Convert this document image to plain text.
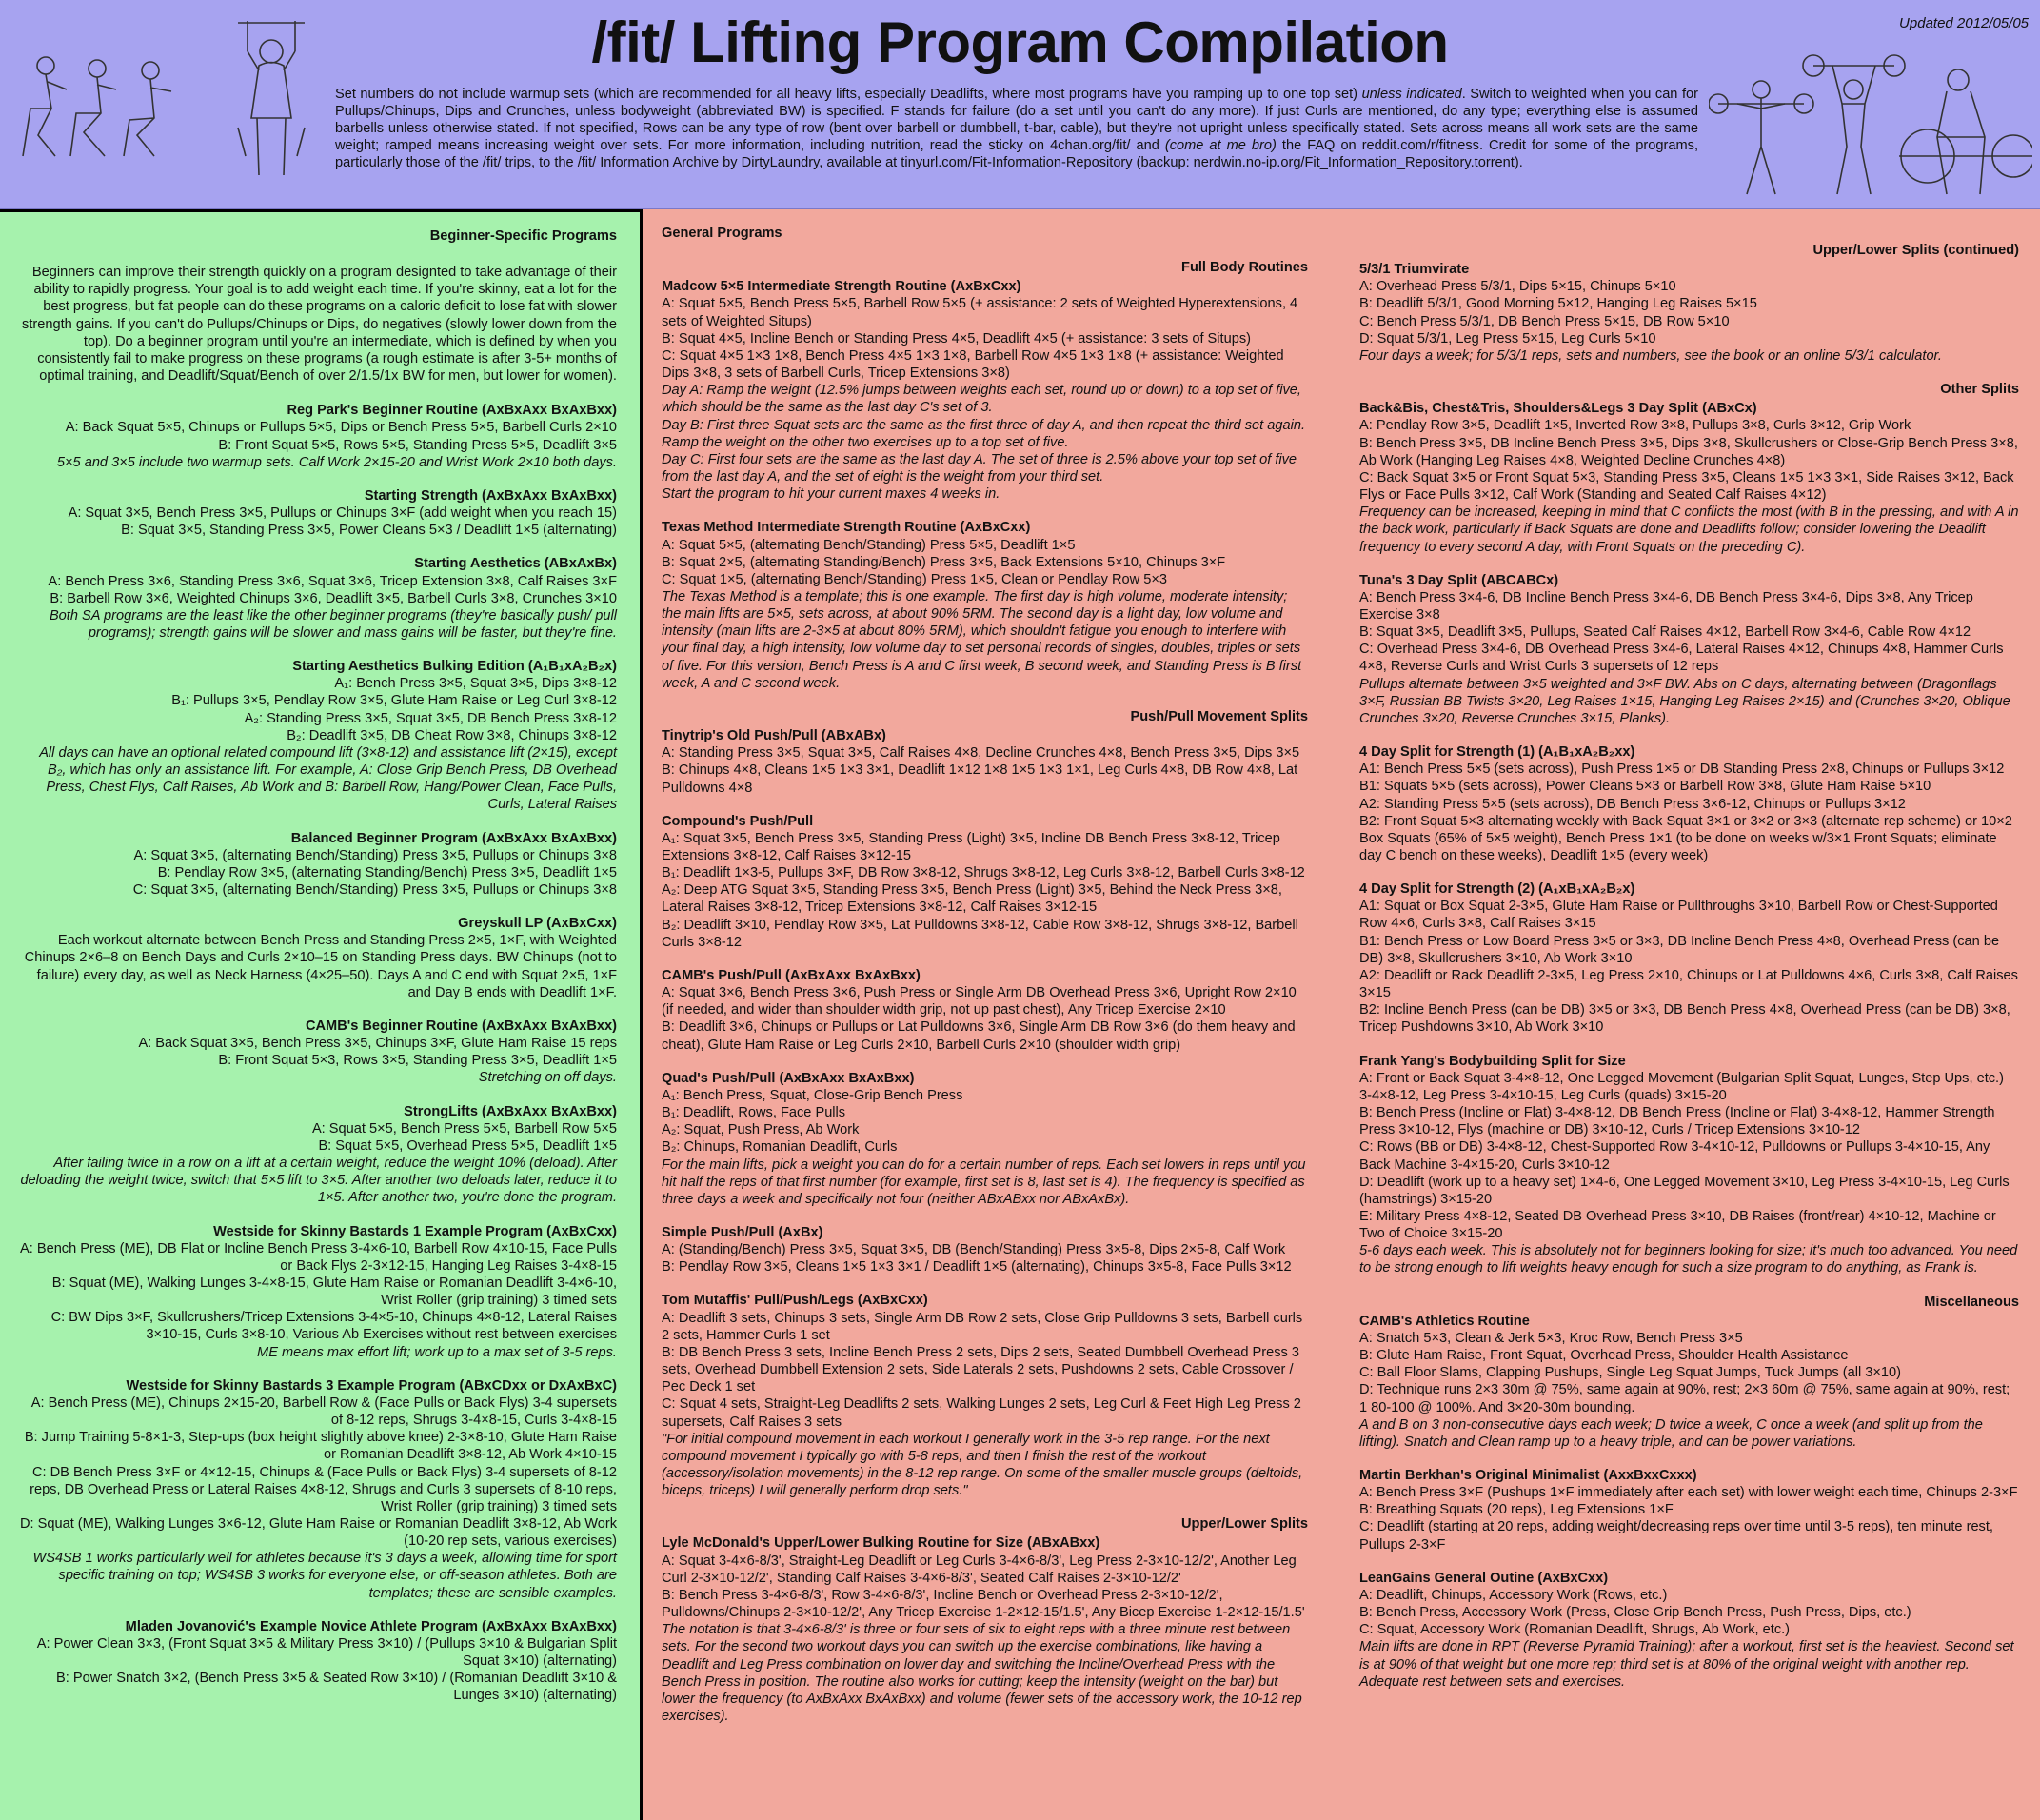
/fit/ Lifting Program Compilation	Updated 2012/05/05
Set numbers do not include warmup sets (which are recommended for all heavy lifts, especially Deadlifts, where most programs have you ramping up to one top set) unless indicated. Switch to weighted when you can for Pullups/Chinups, Dips and Crunches, unless bodyweight (abbreviated BW) is specified. F stands for failure (do a set until you can't do any more). If just Curls are mentioned, do any type; everything else is assumed barbells unless otherwise stated. If not specified, Rows can be any type of row (bent over barbell or dumbbell, t-bar, cable), but they're not upright unless specifically stated. Sets across means all work sets are the same weight; ramped means increasing weight over sets. For more information, including nutrition, read the sticky on 4chan.org/fit/ and (come at me bro) the FAQ on reddit.com/r/fitness. Credit for some of the programs, particularly those of the /fit/ trips, to the /fit/ Information Archive by DirtyLaundry, available at tinyurl.com/Fit-Information-Repository (backup: nerdwin.no-ip.org/Fit_Information_Repository.torrent).
Beginner-Specific Programs
Beginners can improve their strength quickly on a program designted to take advantage of their ability to rapidly progress. Your goal is to add weight each time. If you're skinny, eat a lot for the best progress, but fat people can do these programs on a caloric deficit to lose fat with slower strength gains. If you can't do Pullups/Chinups or Dips, do negatives (slowly lower down from the top). Do a beginner program until you're an intermediate, which is defined by when you consistently fail to make progress on these programs (a rough estimate is after 3-5+ months of optimal training, and Deadlift/Squat/Bench of over 2/1.5/1x BW for men, but lower for women).
Reg Park's Beginner Routine (AxBxAxx BxAxBxx)
A: Back Squat 5×5, Chinups or Pullups 5×5, Dips or Bench Press 5×5, Barbell Curls 2×10
B: Front Squat 5×5, Rows 5×5, Standing Press 5×5, Deadlift 3×5
5×5 and 3×5 include two warmup sets. Calf Work 2×15-20 and Wrist Work 2×10 both days.
Starting Strength (AxBxAxx BxAxBxx)
A: Squat 3×5, Bench Press 3×5, Pullups or Chinups 3×F (add weight when you reach 15)
B: Squat 3×5, Standing Press 3×5, Power Cleans 5×3 / Deadlift 1×5 (alternating)
Starting Aesthetics (ABxAxBx)
A: Bench Press 3×6, Standing Press 3×6, Squat 3×6, Tricep Extension 3×8, Calf Raises 3×F
B: Barbell Row 3×6, Weighted Chinups 3×6, Deadlift 3×5, Barbell Curls 3×8, Crunches 3×10
Both SA programs are the least like the other beginner programs (they're basically push/ pull programs); strength gains will be slower and mass gains will be faster, but they're fine.
Starting Aesthetics Bulking Edition (A₁B₁xA₂B₂x)
A₁: Bench Press 3×5, Squat 3×5, Dips 3×8-12
B₁: Pullups 3×5, Pendlay Row 3×5, Glute Ham Raise or Leg Curl 3×8-12
A₂: Standing Press 3×5, Squat 3×5, DB Bench Press 3×8-12
B₂: Deadlift 3×5, DB Cheat Row 3×8, Chinups 3×8-12
All days can have an optional related compound lift (3×8-12) and assistance lift (2×15), except B₂, which has only an assistance lift. For example, A: Close Grip Bench Press, DB Overhead Press, Chest Flys, Calf Raises, Ab Work and B: Barbell Row, Hang/Power Clean, Face Pulls, Curls, Lateral Raises
Balanced Beginner Program (AxBxAxx BxAxBxx)
A: Squat 3×5, (alternating Bench/Standing) Press 3×5, Pullups or Chinups 3×8
B: Pendlay Row 3×5, (alternating Standing/Bench) Press 3×5, Deadlift 1×5
C: Squat 3×5, (alternating Bench/Standing) Press 3×5, Pullups or Chinups 3×8
Greyskull LP (AxBxCxx)
Each workout alternate between Bench Press and Standing Press 2×5, 1×F, with Weighted Chinups 2×6–8 on Bench Days and Curls 2×10–15 on Standing Press days. BW Chinups (not to failure) every day, as well as Neck Harness (4×25–50). Days A and C end with Squat 2×5, 1×F and Day B ends with Deadlift 1×F.
CAMB's Beginner Routine (AxBxAxx BxAxBxx)
A: Back Squat 3×5, Bench Press 3×5, Chinups 3×F, Glute Ham Raise 15 reps
B: Front Squat 5×3, Rows 3×5, Standing Press 3×5, Deadlift 1×5
Stretching on off days.
StrongLifts (AxBxAxx BxAxBxx)
A: Squat 5×5, Bench Press 5×5, Barbell Row 5×5
B: Squat 5×5, Overhead Press 5×5, Deadlift 1×5
After failing twice in a row on a lift at a certain weight, reduce the weight 10% (deload). After deloading the weight twice, switch that 5×5 lift to 3×5. After another two deloads later, reduce it to 1×5. After another two, you're done the program.
Westside for Skinny Bastards 1 Example Program (AxBxCxx)
A: Bench Press (ME), DB Flat or Incline Bench Press 3-4×6-10, Barbell Row 4×10-15, Face Pulls or Back Flys 2-3×12-15, Hanging Leg Raises 3-4×8-15
B: Squat (ME), Walking Lunges 3-4×8-15, Glute Ham Raise or Romanian Deadlift 3-4×6-10, Wrist Roller (grip training) 3 timed sets
C: BW Dips 3×F, Skullcrushers/Tricep Extensions 3-4×5-10, Chinups 4×8-12, Lateral Raises 3×10-15, Curls 3×8-10, Various Ab Exercises without rest between exercises
ME means max effort lift; work up to a max set of 3-5 reps.
Westside for Skinny Bastards 3 Example Program (ABxCDxx or DxAxBxC)
A: Bench Press (ME), Chinups 2×15-20, Barbell Row & (Face Pulls or Back Flys) 3-4 supersets of 8-12 reps, Shrugs 3-4×8-15, Curls 3-4×8-15
B: Jump Training 5-8×1-3, Step-ups (box height slightly above knee) 2-3×8-10, Glute Ham Raise or Romanian Deadlift 3×8-12, Ab Work 4×10-15
C: DB Bench Press 3×F or 4×12-15, Chinups & (Face Pulls or Back Flys) 3-4 supersets of 8-12 reps, DB Overhead Press or Lateral Raises 4×8-12, Shrugs and Curls 3 supersets of 8-10 reps, Wrist Roller (grip training) 3 timed sets
D: Squat (ME), Walking Lunges 3×6-12, Glute Ham Raise or Romanian Deadlift 3×8-12, Ab Work (10-20 rep sets, various exercises)
WS4SB 1 works particularly well for athletes because it's 3 days a week, allowing time for sport specific training on top; WS4SB 3 works for everyone else, or off-season athletes. Both are templates; these are sensible examples.
Mladen Jovanović's Example Novice Athlete Program (AxBxAxx BxAxBxx)
A: Power Clean 3×3, (Front Squat 3×5 & Military Press 3×10) / (Pullups 3×10 & Bulgarian Split Squat 3×10) (alternating)
B: Power Snatch 3×2, (Bench Press 3×5 & Seated Row 3×10) / (Romanian Deadlift 3×10 & Lunges 3×10) (alternating)
General Programs
Full Body Routines
Madcow 5×5 Intermediate Strength Routine (AxBxCxx)
A: Squat 5×5, Bench Press 5×5, Barbell Row 5×5 (+ assistance: 2 sets of Weighted Hyperextensions, 4 sets of Weighted Situps)
B: Squat 4×5, Incline Bench or Standing Press 4×5, Deadlift 4×5 (+ assistance: 3 sets of Situps)
C: Squat 4×5 1×3 1×8, Bench Press 4×5 1×3 1×8, Barbell Row 4×5 1×3 1×8 (+ assistance: Weighted Dips 3×8, 3 sets of Barbell Curls, Tricep Extensions 3×8)
Day A: Ramp the weight (12.5% jumps between weights each set, round up or down) to a top set of five, which should be the same as the last day C's set of 3.
Day B: First three Squat sets are the same as the first three of day A, and then repeat the third set again. Ramp the weight on the other two exercises up to a top set of five.
Day C: First four sets are the same as the last day A. The set of three is 2.5% above your top set of five from the last day A, and the set of eight is the weight from your third set.
Start the program to hit your current maxes 4 weeks in.
Texas Method Intermediate Strength Routine (AxBxCxx)
A: Squat 5×5, (alternating Bench/Standing) Press 5×5, Deadlift 1×5
B: Squat 2×5, (alternating Standing/Bench) Press 3×5, Back Extensions 5×10, Chinups 3×F
C: Squat 1×5, (alternating Bench/Standing) Press 1×5, Clean or Pendlay Row 5×3
The Texas Method is a template; this is one example. The first day is high volume, moderate intensity; the main lifts are 5×5, sets across, at about 90% 5RM. The second day is a light day, low volume and intensity (main lifts are 2-3×5 at about 80% 5RM), which shouldn't fatigue you enough to interfere with your final day, a high intensity, low volume day to set personal records of singles, doubles, triples or sets of five. For this version, Bench Press is A and C first week, B second week, and Standing Press is B first week, A and C second week.
Push/Pull Movement Splits
Tinytrip's Old Push/Pull (ABxABx)
A: Standing Press 3×5, Squat 3×5, Calf Raises 4×8, Decline Crunches 4×8, Bench Press 3×5, Dips 3×5
B: Chinups 4×8, Cleans 1×5 1×3 3×1, Deadlift 1×12 1×8 1×5 1×3 1×1, Leg Curls 4×8, DB Row 4×8, Lat Pulldowns 4×8
Compound's Push/Pull
A₁: Squat 3×5, Bench Press 3×5, Standing Press (Light) 3×5, Incline DB Bench Press 3×8-12, Tricep Extensions 3×8-12, Calf Raises 3×12-15
B₁: Deadlift 1×3-5, Pullups 3×F, DB Row 3×8-12, Shrugs 3×8-12, Leg Curls 3×8-12, Barbell Curls 3×8-12
A₂: Deep ATG Squat 3×5, Standing Press 3×5, Bench Press (Light) 3×5, Behind the Neck Press 3×8, Lateral Raises 3×8-12, Tricep Extensions 3×8-12, Calf Raises 3×12-15
B₂: Deadlift 3×10, Pendlay Row 3×5, Lat Pulldowns 3×8-12, Cable Row 3×8-12, Shrugs 3×8-12, Barbell Curls 3×8-12
CAMB's Push/Pull (AxBxAxx BxAxBxx)
A: Squat 3×6, Bench Press 3×6, Push Press or Single Arm DB Overhead Press 3×6, Upright Row 2×10 (if needed, and wider than shoulder width grip, not up past chest), Any Tricep Exercise 2×10
B: Deadlift 3×6, Chinups or Pullups or Lat Pulldowns 3×6, Single Arm DB Row 3×6 (do them heavy and cheat), Glute Ham Raise or Leg Curls 2×10, Barbell Curls 2×10 (shoulder width grip)
Quad's Push/Pull (AxBxAxx BxAxBxx)
A₁: Bench Press, Squat, Close-Grip Bench Press
B₁: Deadlift, Rows, Face Pulls
A₂: Squat, Push Press, Ab Work
B₂: Chinups, Romanian Deadlift, Curls
For the main lifts, pick a weight you can do for a certain number of reps. Each set lowers in reps until you hit half the reps of that first number (for example, first set is 8, last set is 4). The frequency is specified as three days a week and specifically not four (neither ABxABxx nor ABxAxBx).
Simple Push/Pull (AxBx)
A: (Standing/Bench) Press 3×5, Squat 3×5, DB (Bench/Standing) Press 3×5-8, Dips 2×5-8, Calf Work
B: Pendlay Row 3×5, Cleans 1×5 1×3 3×1 / Deadlift 1×5 (alternating), Chinups 3×5-8, Face Pulls 3×12
Tom Mutaffis' Pull/Push/Legs (AxBxCxx)
A: Deadlift 3 sets, Chinups 3 sets, Single Arm DB Row 2 sets, Close Grip Pulldowns 3 sets, Barbell curls 2 sets, Hammer Curls 1 set
B: DB Bench Press 3 sets, Incline Bench Press 2 sets, Dips 2 sets, Seated Dumbbell Overhead Press 3 sets, Overhead Dumbbell Extension 2 sets, Side Laterals 2 sets, Pushdowns 2 sets, Cable Crossover / Pec Deck 1 set
C: Squat 4 sets, Straight-Leg Deadlifts 2 sets, Walking Lunges 2 sets, Leg Curl & Feet High Leg Press 2 supersets, Calf Raises 3 sets
"For initial compound movement in each workout I generally work in the 3-5 rep range. For the next compound movement I typically go with 5-8 reps, and then I finish the rest of the workout (accessory/isolation movements) in the 8-12 rep range. On some of the smaller muscle groups (deltoids, biceps, triceps) I will generally perform drop sets."
Upper/Lower Splits
Lyle McDonald's Upper/Lower Bulking Routine for Size (ABxABxx)
A: Squat 3-4×6-8/3', Straight-Leg Deadlift or Leg Curls 3-4×6-8/3', Leg Press 2-3×10-12/2', Another Leg Curl 2-3×10-12/2', Standing Calf Raises 3-4×6-8/3', Seated Calf Raises 2-3×10-12/2'
B: Bench Press 3-4×6-8/3', Row 3-4×6-8/3', Incline Bench or Overhead Press 2-3×10-12/2', Pulldowns/Chinups 2-3×10-12/2', Any Tricep Exercise 1-2×12-15/1.5', Any Bicep Exercise 1-2×12-15/1.5'
The notation is that 3-4×6-8/3' is three or four sets of six to eight reps with a three minute rest between sets. For the second two workout days you can switch up the exercise combinations, like having a Deadlift and Leg Press combination on lower day and switching the Incline/Overhead Press with the Bench Press in position. The routine also works for cutting; keep the intensity (weight on the bar) but lower the frequency (to AxBxAxx BxAxBxx) and volume (fewer sets of the accessory work, the 10-12 rep exercises).
Upper/Lower Splits (continued)
5/3/1 Triumvirate
A: Overhead Press 5/3/1, Dips 5×15, Chinups 5×10
B: Deadlift 5/3/1, Good Morning 5×12, Hanging Leg Raises 5×15
C: Bench Press 5/3/1, DB Bench Press 5×15, DB Row 5×10
D: Squat 5/3/1, Leg Press 5×15, Leg Curls 5×10
Four days a week; for 5/3/1 reps, sets and numbers, see the book or an online 5/3/1 calculator.
Other Splits
Back&Bis, Chest&Tris, Shoulders&Legs 3 Day Split (ABxCx)
A: Pendlay Row 3×5, Deadlift 1×5, Inverted Row 3×8, Pullups 3×8, Curls 3×12, Grip Work
B: Bench Press 3×5, DB Incline Bench Press 3×5, Dips 3×8, Skullcrushers or Close-Grip Bench Press 3×8, Ab Work (Hanging Leg Raises 4×8, Weighted Decline Crunches 4×8)
C: Back Squat 3×5 or Front Squat 5×3, Standing Press 3×5, Cleans 1×5 1×3 3×1, Side Raises 3×12, Back Flys or Face Pulls 3×12, Calf Work (Standing and Seated Calf Raises 4×12)
Frequency can be increased, keeping in mind that C conflicts the most (with B in the pressing, and with A in the back work, particularly if Back Squats are done and Deadlifts follow; consider lowering the Deadlift frequency to every second A day, with Front Squats on the preceding C).
Tuna's 3 Day Split (ABCABCx)
A: Bench Press 3×4-6, DB Incline Bench Press 3×4-6, DB Bench Press 3×4-6, Dips 3×8, Any Tricep Exercise 3×8
B: Squat 3×5, Deadlift 3×5, Pullups, Seated Calf Raises 4×12, Barbell Row 3×4-6, Cable Row 4×12
C: Overhead Press 3×4-6, DB Overhead Press 3×4-6, Lateral Raises 4×12, Chinups 4×8, Hammer Curls 4×8, Reverse Curls and Wrist Curls 3 supersets of 12 reps
Pullups alternate between 3×5 weighted and 3×F BW. Abs on C days, alternating between (Dragonflags 3×F, Russian BB Twists 3×20, Leg Raises 1×15, Hanging Leg Raises 2×15) and (Crunches 3×20, Oblique Crunches 3×20, Reverse Crunches 3×15, Planks).
4 Day Split for Strength (1) (A₁B₁xA₂B₂xx)
A1: Bench Press 5×5 (sets across), Push Press 1×5 or DB Standing Press 2×8, Chinups or Pullups 3×12
B1: Squats 5×5 (sets across), Power Cleans 5×3 or Barbell Row 3×8, Glute Ham Raise 5×10
A2: Standing Press 5×5 (sets across), DB Bench Press 3×6-12, Chinups or Pullups 3×12
B2: Front Squat 5×3 alternating weekly with Back Squat 3×1 or 3×2 or 3×3 (alternate rep scheme) or 10×2 Box Squats (65% of 5×5 weight), Bench Press 1×1 (to be done on weeks w/3×1 Front Squats; eliminate day C bench on these weeks), Deadlift 1×5 (every week)
4 Day Split for Strength (2) (A₁xB₁xA₂B₂x)
A1: Squat or Box Squat 2-3×5, Glute Ham Raise or Pullthroughs 3×10, Barbell Row or Chest-Supported Row 4×6, Curls 3×8, Calf Raises 3×15
B1: Bench Press or Low Board Press 3×5 or 3×3, DB Incline Bench Press 4×8, Overhead Press (can be DB) 3×8, Skullcrushers 3×10, Ab Work 3×10
A2: Deadlift or Rack Deadlift 2-3×5, Leg Press 2×10, Chinups or Lat Pulldowns 4×6, Curls 3×8, Calf Raises 3×15
B2: Incline Bench Press (can be DB) 3×5 or 3×3, DB Bench Press 4×8, Overhead Press (can be DB) 3×8, Tricep Pushdowns 3×10, Ab Work 3×10
Frank Yang's Bodybuilding Split for Size
A: Front or Back Squat 3-4×8-12, One Legged Movement (Bulgarian Split Squat, Lunges, Step Ups, etc.) 3-4×8-12, Leg Press 3-4×10-15, Leg Curls (quads) 3×15-20
B: Bench Press (Incline or Flat) 3-4×8-12, DB Bench Press (Incline or Flat) 3-4×8-12, Hammer Strength Press 3×10-12, Flys (machine or DB) 3×10-12, Curls / Tricep Extensions 3×10-12
C: Rows (BB or DB) 3-4×8-12, Chest-Supported Row 3-4×10-12, Pulldowns or Pullups 3-4×10-15, Any Back Machine 3-4×15-20, Curls 3×10-12
D: Deadlift (work up to a heavy set) 1×4-6, One Legged Movement 3×10, Leg Press 3-4×10-15, Leg Curls (hamstrings) 3×15-20
E: Military Press 4×8-12, Seated DB Overhead Press 3×10, DB Raises (front/rear) 4×10-12, Machine or Two of Choice 3×15-20
5-6 days each week. This is absolutely not for beginners looking for size; it's much too advanced. You need to be strong enough to lift weights heavy enough for such a size program to do anything, as Frank is.
Miscellaneous
CAMB's Athletics Routine
A: Snatch 5×3, Clean & Jerk 5×3, Kroc Row, Bench Press 3×5
B: Glute Ham Raise, Front Squat, Overhead Press, Shoulder Health Assistance
C: Ball Floor Slams, Clapping Pushups, Single Leg Squat Jumps, Tuck Jumps (all 3×10)
D: Technique runs 2×3 30m @ 75%, same again at 90%, rest; 2×3 60m @ 75%, same again at 90%, rest; 1 80-100 @ 100%. And 3×20-30m bounding.
A and B on 3 non-consecutive days each week; D twice a week, C once a week (and split up from the lifting). Snatch and Clean ramp up to a heavy triple, and can be power variations.
Martin Berkhan's Original Minimalist (AxxBxxCxxx)
A: Bench Press 3×F (Pushups 1×F immediately after each set) with lower weight each time, Chinups 2-3×F
B: Breathing Squats (20 reps), Leg Extensions 1×F
C: Deadlift (starting at 20 reps, adding weight/decreasing reps over time until 3-5 reps), ten minute rest, Pullups 2-3×F
LeanGains General Outine (AxBxCxx)
A: Deadlift, Chinups, Accessory Work (Rows, etc.)
B: Bench Press, Accessory Work (Press, Close Grip Bench Press, Push Press, Dips, etc.)
C: Squat, Accessory Work (Romanian Deadlift, Shrugs, Ab Work, etc.)
Main lifts are done in RPT (Reverse Pyramid Training); after a workout, first set is the heaviest. Second set is at 90% of that weight but one more rep; third set is at 80% of the original weight with another rep. Adequate rest between sets and exercises.
